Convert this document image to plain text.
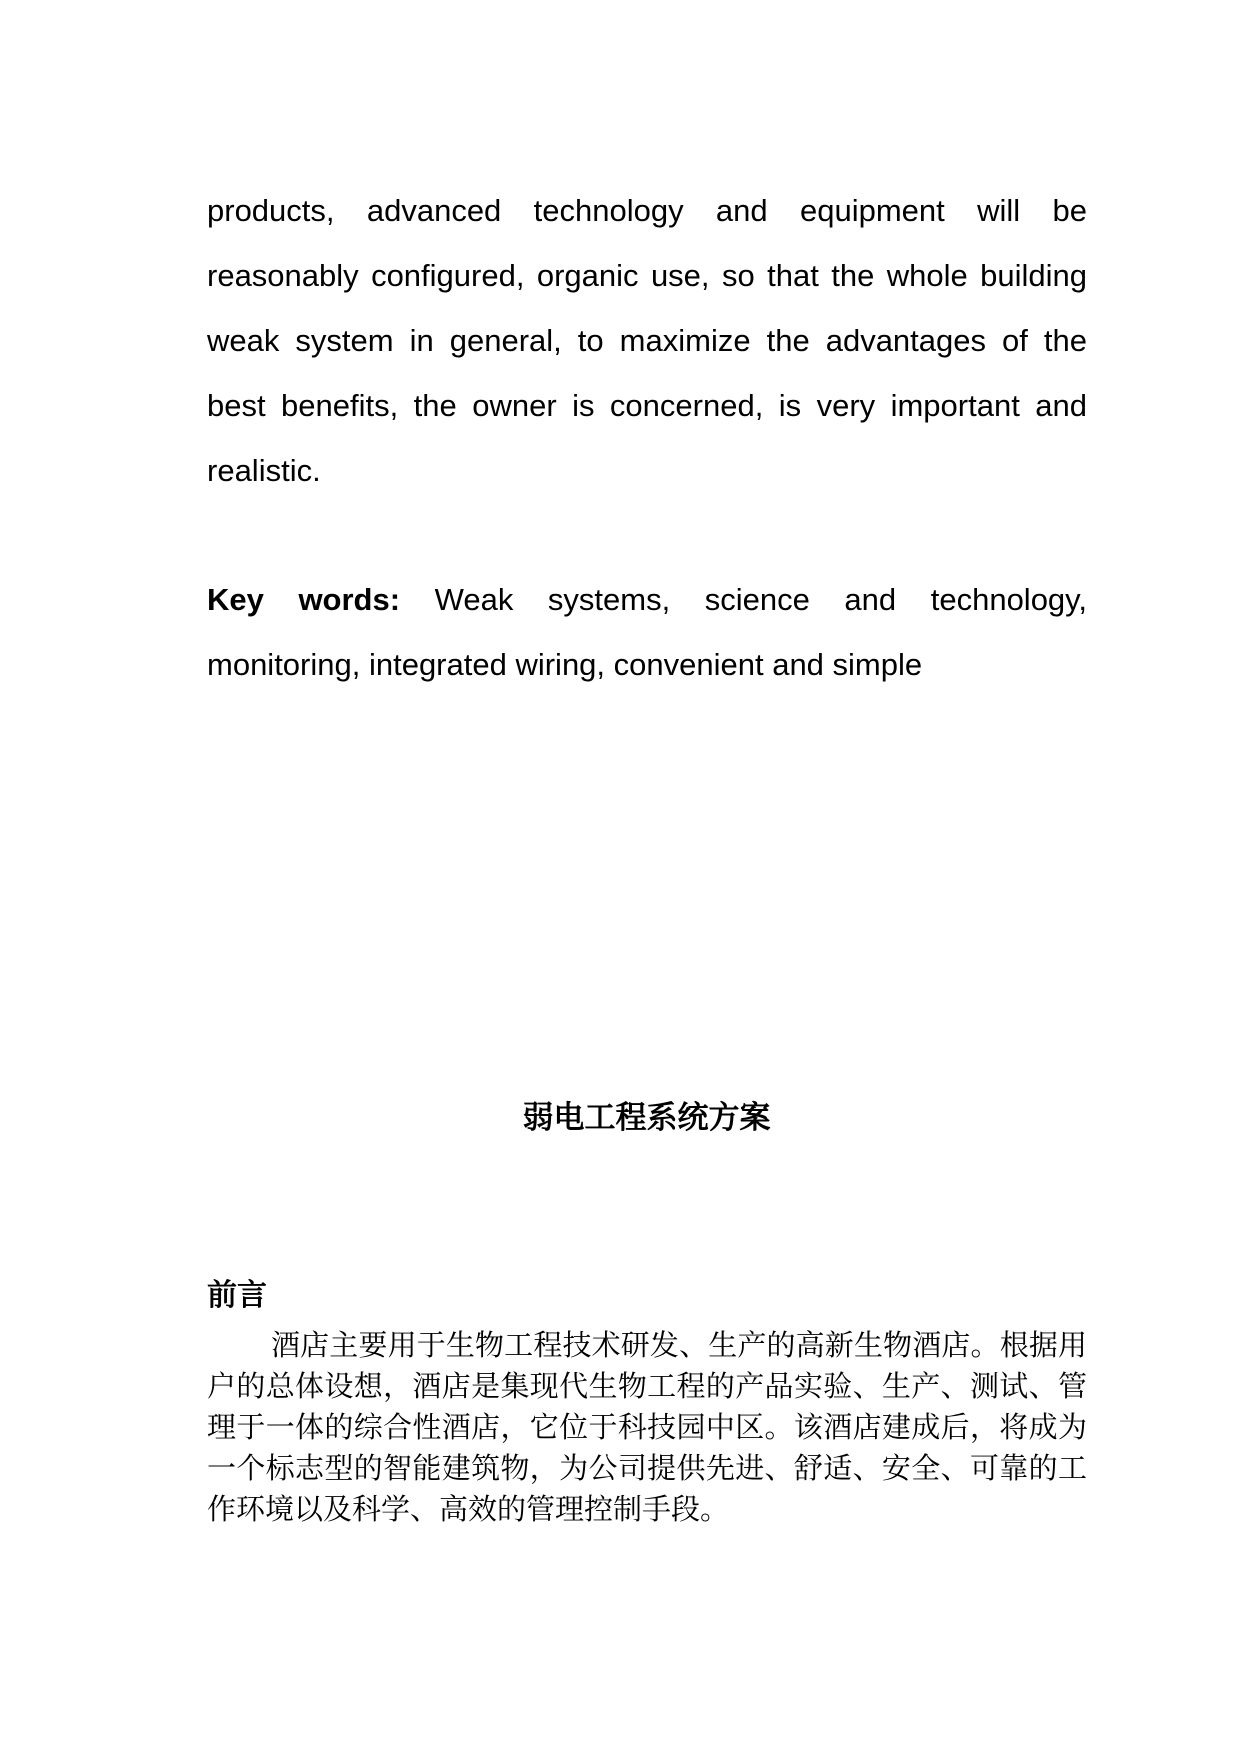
products, advanced technology and equipment will be reasonably configured, organic use, so that the whole building weak system in general, to maximize the advantages of the best benefits, the owner is concerned, is very important and realistic.

Key words: Weak systems, science and technology, monitoring, integrated wiring, convenient and simple

弱电工程系统方案
前言

酒店主要用于生物工程技术研发、生产的高新生物酒店。根据用户的总体设想，酒店是集现代生物工程的产品实验、生产、测试、管理于一体的综合性酒店，它位于科技园中区。该酒店建成后，将成为一个标志型的智能建筑物，为公司提供先进、舒适、安全、可靠的工作环境以及科学、高效的管理控制手段。
